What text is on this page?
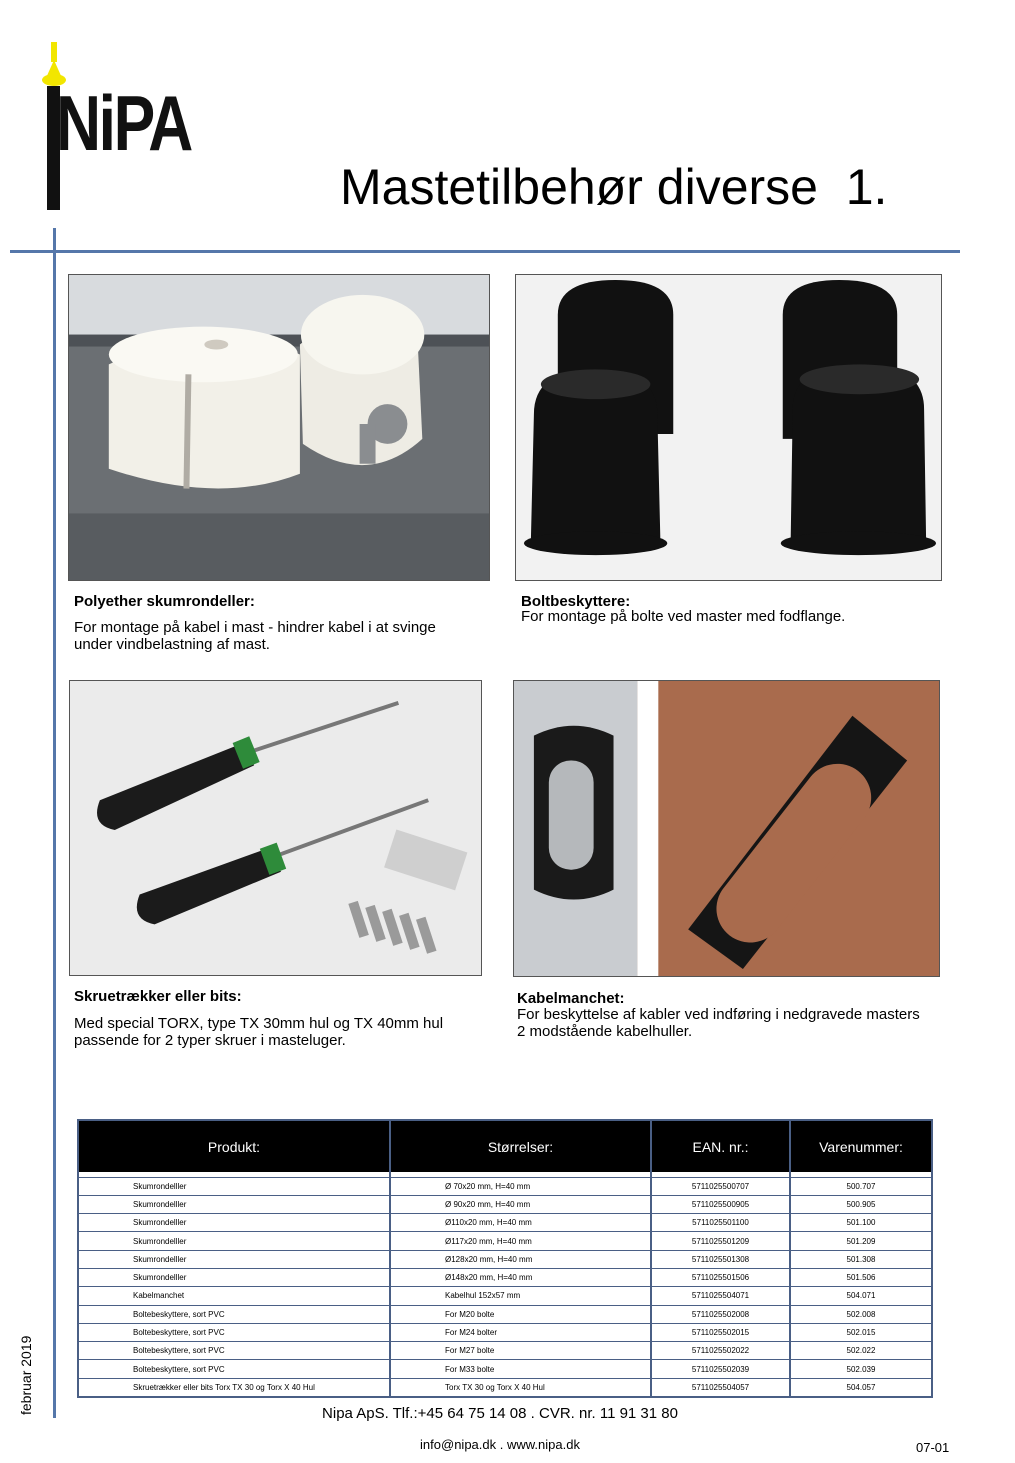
NiPA
Mastetilbehør diverse  1.
Polyether skumrondeller:
For montage på kabel i mast - hindrer kabel i at svinge
under vindbelastning af mast.
Boltbeskyttere:
For montage på bolte ved master med fodflange.
Skruetrækker eller bits:
Med special TORX, type TX 30mm hul og TX 40mm hul
passende for 2 typer skruer i masteluger.
Kabelmanchet:
For beskyttelse af kabler ved indføring i nedgravede masters
2 modstående kabelhuller.
Produkt:	Størrelser:	EAN. nr.:	Varenummer:

Skumrondelller	Ø 70x20 mm, H=40 mm	5711025500707	500.707
Skumrondelller	Ø 90x20 mm, H=40 mm	5711025500905	500.905
Skumrondelller	Ø110x20 mm, H=40 mm	5711025501100	501.100
Skumrondelller	Ø117x20 mm, H=40 mm	5711025501209	501.209
Skumrondelller	Ø128x20 mm, H=40 mm	5711025501308	501.308
Skumrondelller	Ø148x20 mm, H=40 mm	5711025501506	501.506
Kabelmanchet	Kabelhul 152x57 mm	5711025504071	504.071
Boltebeskyttere, sort PVC	For M20 bolte	5711025502008	502.008
Boltebeskyttere, sort PVC	For M24 bolter	5711025502015	502.015
Boltebeskyttere, sort PVC	For M27 bolte	5711025502022	502.022
Boltebeskyttere, sort PVC	For M33 bolte	5711025502039	502.039
Skruetrækker eller bits Torx TX 30 og Torx X 40 Hul	Torx TX 30 og Torx X 40 Hul	5711025504057	504.057
Nipa ApS. Tlf.:+45 64 75 14 08 . CVR. nr. 11 91 31 80
info@nipa.dk . www.nipa.dk	07-01
februar 2019
